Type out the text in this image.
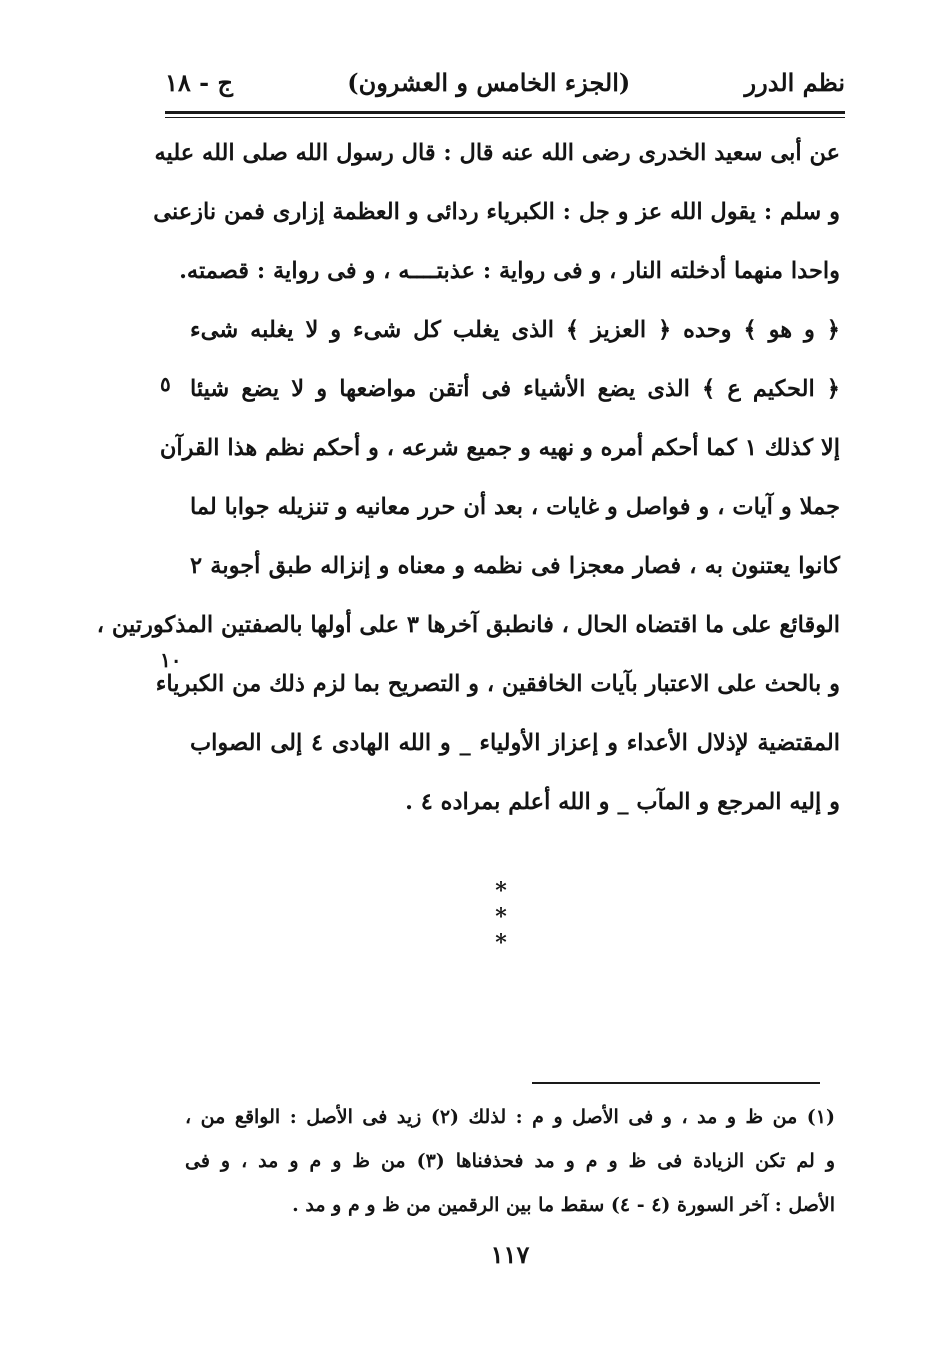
نظم الدرر
(الجزء الخامس و العشرون)
ج - ١٨
عن أبى سعيد الخدرى رضى الله عنه قال : قال رسول الله صلى الله عليه
و سلم : يقول الله عز و جل : الكبرياء ردائى و العظمة إزارى فمن نازعنى
واحدا منهما أدخلته النار ، و فى رواية : عذبتــــه ، و فى رواية : قصمته.
﴿ و هو ﴾ وحده ﴿ العزيز ﴾ الذى يغلب كل شىء و لا يغلبه شىء
﴿ الحكيم ع ﴾ الذى يضع الأشياء فى أتقن مواضعها و لا يضع شيئا
إلا كذلك ١ كما أحكم أمره و نهيه و جميع شرعه ، و أحكم نظم هذا القرآن
جملا و آيات ، و فواصل و غايات ، بعد أن حرر معانيه و تنزيله جوابا لما
كانوا يعتنون به ، فصار معجزا فى نظمه و معناه و إنزاله طبق أجوبة ٢
الوقائع على ما اقتضاه الحال ، فانطبق آخرها ٣ على أولها بالصفتين المذكورتين ،
و بالحث على الاعتبار بآيات الخافقين ، و التصريح بما لزم ذلك من الكبرياء
المقتضية لإذلال الأعداء و إعزاز الأولياء _ و الله الهادى ٤ إلى الصواب
و إليه المرجع و المآب _ و الله أعلم بمراده ٤ .
٥
١٠
* * *
(١) من ظ و مد ، و فى الأصل و م : لذلك (٢) زيد فى الأصل : الواقع من ،
و لم تكن الزيادة فى ظ و م و مد فحذفناها (٣) من ظ و م و مد ، و فى
الأصل : آخر السورة (٤ - ٤) سقط ما بين الرقمين من ظ و م و مد .
١١٧
